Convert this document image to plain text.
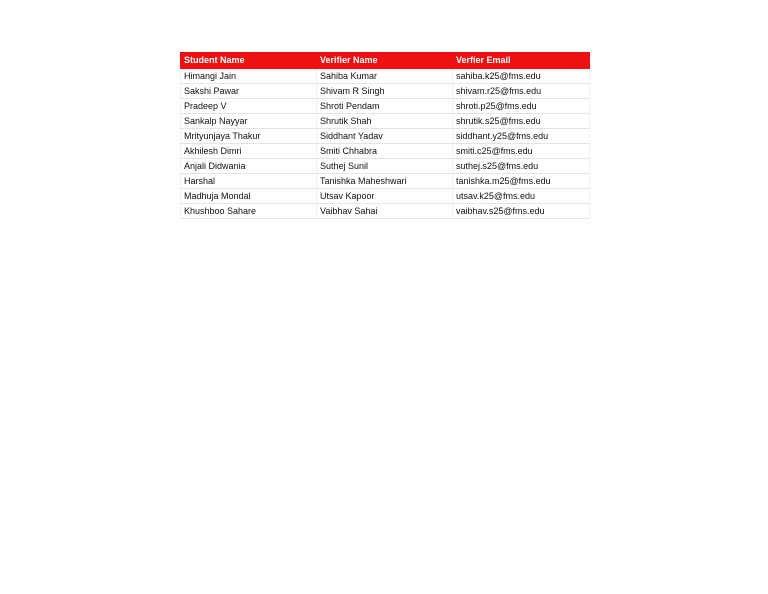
Student Name	Verifier Name	Verfier Email
Himangi Jain	Sahiba Kumar	sahiba.k25@fms.edu
Sakshi Pawar	Shivam R Singh	shivam.r25@fms.edu
Pradeep V	Shroti Pendam	shroti.p25@fms.edu
Sankalp Nayyar	Shrutik Shah	shrutik.s25@fms.edu
Mrityunjaya Thakur	Siddhant Yadav	siddhant.y25@fms.edu
Akhilesh Dimri	Smiti Chhabra	smiti.c25@fms.edu
Anjali Didwania	Suthej Sunil	suthej.s25@fms.edu
Harshal	Tanishka Maheshwari	tanishka.m25@fms.edu
Madhuja Mondal	Utsav Kapoor	utsav.k25@fms.edu
Khushboo Sahare	Vaibhav Sahai	vaibhav.s25@fms.edu
